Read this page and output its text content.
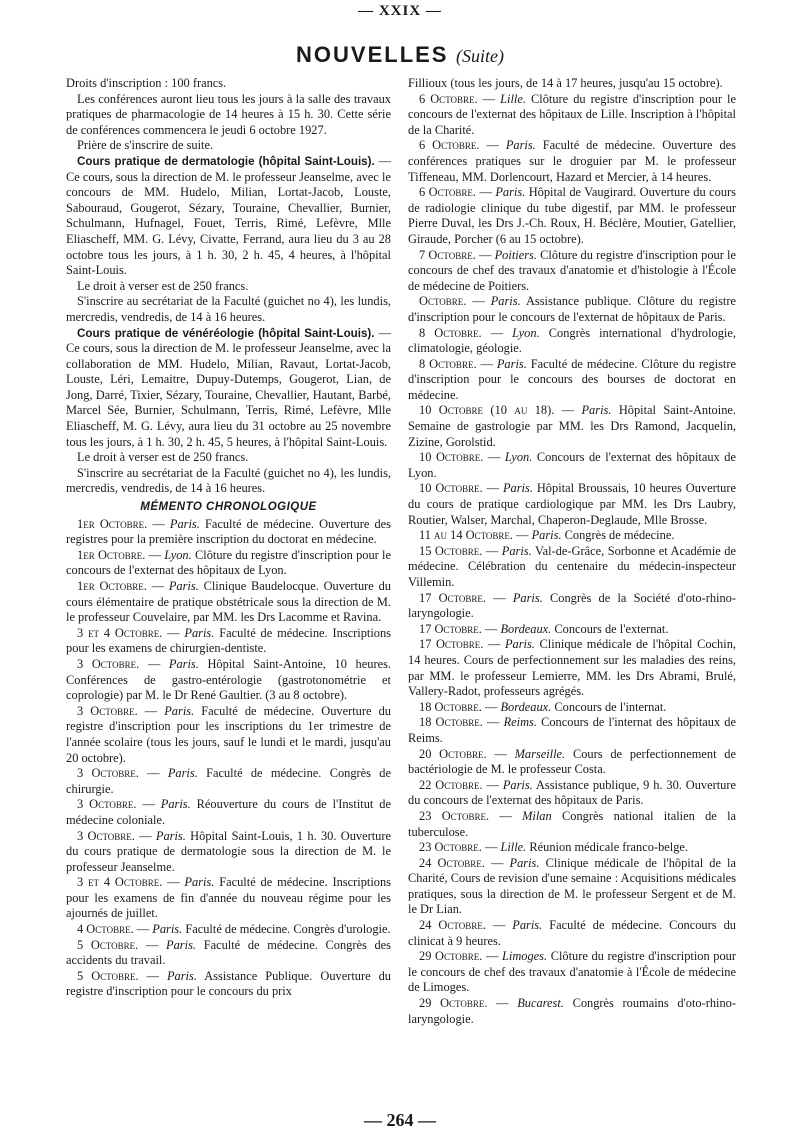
— XXIX —
NOUVELLES (Suite)

Droits d'inscription : 100 francs.

Les conférences auront lieu tous les jours à la salle des travaux pratiques de pharmacologie de 14 heures à 15 h. 30. Cette série de conférences commencera le jeudi 6 octobre 1927.

Prière de s'inscrire de suite.

Cours pratique de dermatologie (hôpital Saint-Louis). — Ce cours, sous la direction de M. le professeur Jeanselme, avec le concours de MM. Hudelo, Milian, Lortat-Jacob, Louste, Sabouraud, Gougerot, Sézary, Touraine, Chevallier, Burnier, Schulmann, Hufnagel, Fouet, Terris, Rimé, Lefèvre, Mlle Eliascheff, MM. G. Lévy, Civatte, Ferrand, aura lieu du 3 au 28 octobre tous les jours, à 1 h. 30, 2 h. 45, 4 heures, à l'hôpital Saint-Louis.

Le droit à verser est de 250 francs.

S'inscrire au secrétariat de la Faculté (guichet no 4), les lundis, mercredis, vendredis, de 14 à 16 heures.

Cours pratique de vénéréologie (hôpital Saint-Louis). — Ce cours, sous la direction de M. le professeur Jeanselme, avec la collaboration de MM. Hudelo, Milian, Ravaut, Lortat-Jacob, Louste, Léri, Lemaitre, Dupuy-Dutemps, Gougerot, Lian, de Jong, Darré, Tixier, Sézary, Touraine, Chevallier, Hautant, Barbé, Marcel Sée, Burnier, Schulmann, Terris, Rimé, Lefèvre, Mlle Eliascheff, M. G. Lévy, aura lieu du 31 octobre au 25 novembre tous les jours, à 1 h. 30, 2 h. 45, 5 heures, à l'hôpital Saint-Louis.

Le droit à verser est de 250 francs.

S'inscrire au secrétariat de la Faculté (guichet no 4), les lundis, mercredis, vendredis, de 14 à 16 heures.

MÉMENTO CHRONOLOGIQUE

1er Octobre. — Paris. Faculté de médecine. Ouverture des registres pour la première inscription du doctorat en médecine.

1er Octobre. — Lyon. Clôture du registre d'inscription pour le concours de l'externat des hôpitaux de Lyon.

1er Octobre. — Paris. Clinique Baudelocque. Ouverture du cours élémentaire de pratique obstétricale sous la direction de M. le professeur Couvelaire, par MM. les Drs Lacomme et Ravina.

3 et 4 Octobre. — Paris. Faculté de médecine. Inscriptions pour les examens de chirurgien-dentiste.

3 Octobre. — Paris. Hôpital Saint-Antoine, 10 heures. Conférences de gastro-entérologie (gastrotonométrie et coprologie) par M. le Dr René Gaultier. (3 au 8 octobre).

3 Octobre. — Paris. Faculté de médecine. Ouverture du registre d'inscription pour les inscriptions du 1er trimestre de l'année scolaire (tous les jours, sauf le lundi et le mardi, jusqu'au 20 octobre).

3 Octobre. — Paris. Faculté de médecine. Congrès de chirurgie.

3 Octobre. — Paris. Réouverture du cours de l'Institut de médecine coloniale.

3 Octobre. — Paris. Hôpital Saint-Louis, 1 h. 30. Ouverture du cours pratique de dermatologie sous la direction de M. le professeur Jeanselme.

3 et 4 Octobre. — Paris. Faculté de médecine. Inscriptions pour les examens de fin d'année du nouveau régime pour les ajournés de juillet.

4 Octobre. — Paris. Faculté de médecine. Congrès d'urologie.

5 Octobre. — Paris. Faculté de médecine. Congrès des accidents du travail.

5 Octobre. — Paris. Assistance Publique. Ouverture du registre d'inscription pour le concours du prix

Fillioux (tous les jours, de 14 à 17 heures, jusqu'au 15 octobre).

6 Octobre. — Lille. Clôture du registre d'inscription pour le concours de l'externat des hôpitaux de Lille. Inscription à l'hôpital de la Charité.

6 Octobre. — Paris. Faculté de médecine. Ouverture des conférences pratiques sur le droguier par M. le professeur Tiffeneau, MM. Dorlencourt, Hazard et Mercier, à 14 heures.

6 Octobre. — Paris. Hôpital de Vaugirard. Ouverture du cours de radiologie clinique du tube digestif, par MM. le professeur Pierre Duval, les Drs J.-Ch. Roux, H. Béclère, Moutier, Gatellier, Giraude, Porcher (6 au 15 octobre).

7 Octobre. — Poitiers. Clôture du registre d'inscription pour le concours de chef des travaux d'anatomie et d'histologie à l'École de médecine de Poitiers.

Octobre. — Paris. Assistance publique. Clôture du registre d'inscription pour le concours de l'externat de hôpitaux de Paris.

8 Octobre. — Lyon. Congrès international d'hydrologie, climatologie, géologie.

8 Octobre. — Paris. Faculté de médecine. Clôture du registre d'inscription pour le concours des bourses de doctorat en médecine.

10 Octobre (10 au 18). — Paris. Hôpital Saint-Antoine. Semaine de gastrologie par MM. les Drs Ramond, Jacquelin, Zizine, Gorolstid.

10 Octobre. — Lyon. Concours de l'externat des hôpitaux de Lyon.

10 Octobre. — Paris. Hôpital Broussais, 10 heures Ouverture du cours de pratique cardiologique par MM. les Drs Laubry, Routier, Walser, Marchal, Chaperon-Deglaude, Mlle Brosse.

11 au 14 Octobre. — Paris. Congrès de médecine.

15 Octobre. — Paris. Val-de-Grâce, Sorbonne et Académie de médecine. Célébration du centenaire du médecin-inspecteur Villemin.

17 Octobre. — Paris. Congrès de la Société d'oto-rhino-laryngologie.

17 Octobre. — Bordeaux. Concours de l'externat.

17 Octobre. — Paris. Clinique médicale de l'hôpital Cochin, 14 heures. Cours de perfectionnement sur les maladies des reins, par MM. le professeur Lemierre, MM. les Drs Abrami, Brulé, Vallery-Radot, professeurs agrégés.

18 Octobre. — Bordeaux. Concours de l'internat.

18 Octobre. — Reims. Concours de l'internat des hôpitaux de Reims.

20 Octobre. — Marseille. Cours de perfectionnement de bactériologie de M. le professeur Costa.

22 Octobre. — Paris. Assistance publique, 9 h. 30. Ouverture du concours de l'externat des hôpitaux de Paris.

23 Octobre. — Milan Congrès national italien de la tuberculose.

23 Octobre. — Lille. Réunion médicale franco-belge.

24 Octobre. — Paris. Clinique médicale de l'hôpital de la Charité, Cours de revision d'une semaine : Acquisitions médicales pratiques, sous la direction de M. le professeur Sergent et de M. le Dr Lian.

24 Octobre. — Paris. Faculté de médecine. Concours du clinicat à 9 heures.

29 Octobre. — Limoges. Clôture du registre d'inscription pour le concours de chef des travaux d'anatomie à l'École de médecine de Limoges.

29 Octobre. — Bucarest. Congrès roumains d'oto-rhino-laryngologie.

— 264 —
